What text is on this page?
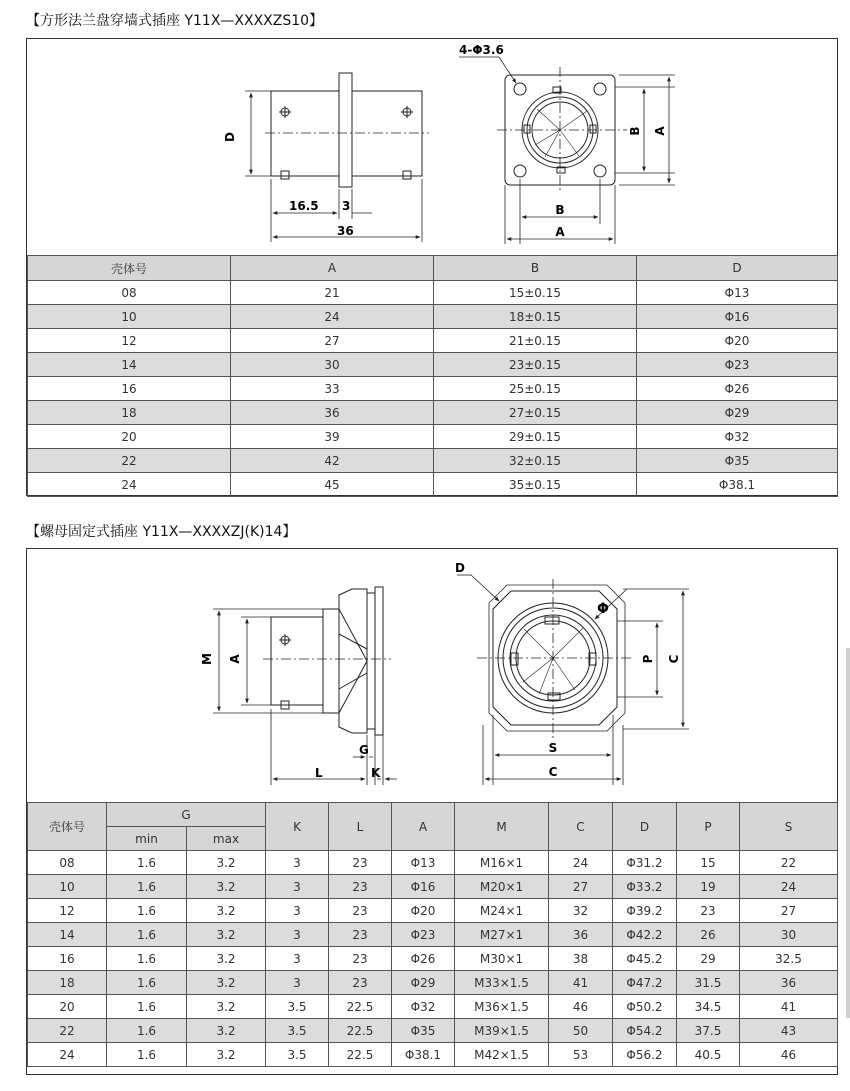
【方形法兰盘穿墙式插座 Y11X—XXXXZS10】
D
16.5 3
36
4-Φ3.6
B A
B
A
壳体号	A	B	D
08	21	15±0.15	Φ13
10	24	18±0.15	Φ16
12	27	21±0.15	Φ20
14	30	23±0.15	Φ23
16	33	25±0.15	Φ26
18	36	27±0.15	Φ29
20	39	29±0.15	Φ32
22	42	32±0.15	Φ35
24	45	35±0.15	Φ38.1
【螺母固定式插座 Y11X—XXXXZJ(K)14】
M A
G
L	K
D
Φ
P C
S
C
壳体号	G		K	L	A	M	C	D	P	S
	min	max								
08	1.6	3.2	3	23	Φ13	M16×1	24	Φ31.2	15	22
10	1.6	3.2	3	23	Φ16	M20×1	27	Φ33.2	19	24
12	1.6	3.2	3	23	Φ20	M24×1	32	Φ39.2	23	27
14	1.6	3.2	3	23	Φ23	M27×1	36	Φ42.2	26	30
16	1.6	3.2	3	23	Φ26	M30×1	38	Φ45.2	29	32.5
18	1.6	3.2	3	23	Φ29	M33×1.5	41	Φ47.2	31.5	36
20	1.6	3.2	3.5	22.5	Φ32	M36×1.5	46	Φ50.2	34.5	41
22	1.6	3.2	3.5	22.5	Φ35	M39×1.5	50	Φ54.2	37.5	43
24	1.6	3.2	3.5	22.5	Φ38.1	M42×1.5	53	Φ56.2	40.5	46
